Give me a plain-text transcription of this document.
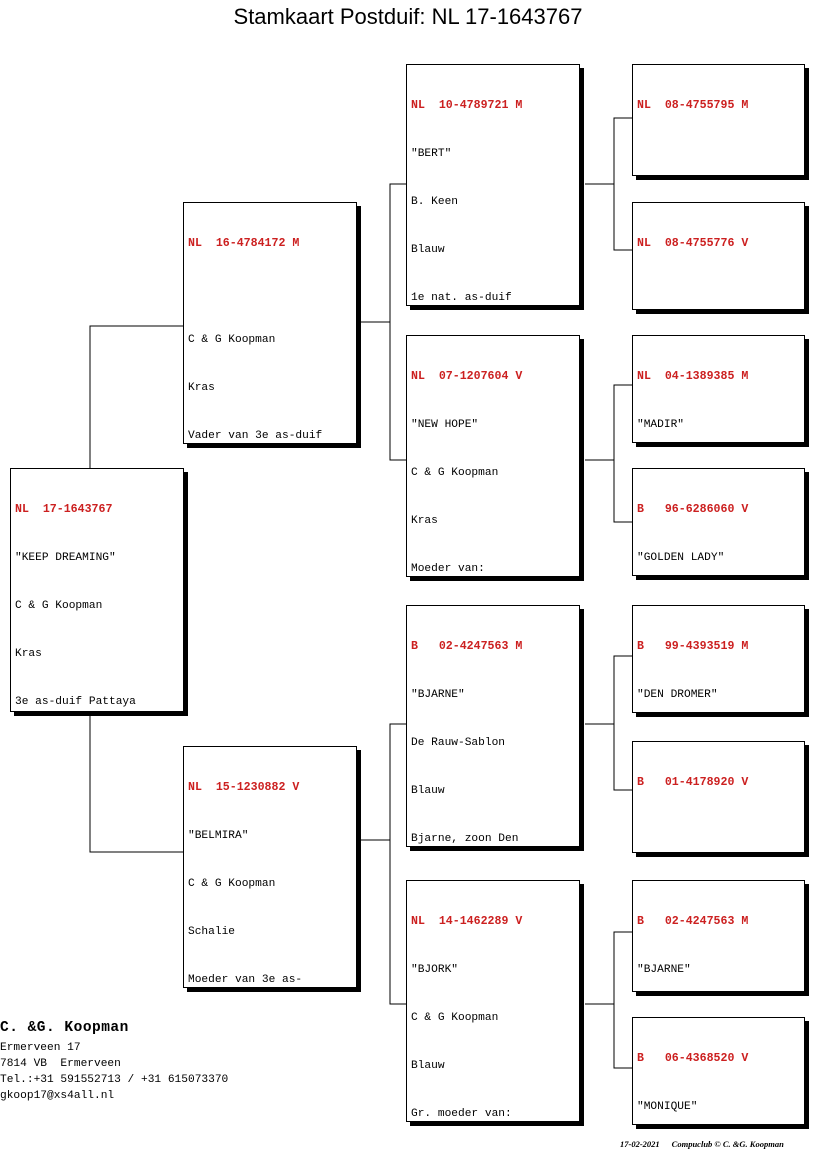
Stamkaart Postduif: NL 17-1643767

NL  17-1643767

"KEEP DREAMING"

C & G Koopman

Kras

3e as-duif Pattaya

NL  16-4784172 M

C & G Koopman

Kras

Vader van 3e as-duif

NL  15-1230882 V

"BELMIRA"

C & G Koopman

Schalie

Moeder van 3e as-

NL  10-4789721 M

"BERT"

B. Keen

Blauw

1e nat. as-duif

NL  07-1207604 V

"NEW HOPE"

C & G Koopman

Kras

Moeder van:

B   02-4247563 M

"BJARNE"

De Rauw-Sablon

Blauw

Bjarne, zoon Den

NL  14-1462289 V

"BJORK"

C & G Koopman

Blauw

Gr. moeder van:

NL  08-4755795 M

NL  08-4755776 V

NL  04-1389385 M

"MADIR"

B   96-6286060 V

"GOLDEN LADY"

B   99-4393519 M

"DEN DROMER"

B   01-4178920 V

B   02-4247563 M

"BJARNE"

B   06-4368520 V

"MONIQUE"

C. &G. Koopman
Ermerveen 17
7814 VB  Ermerveen
Tel.:+31 591552713 / +31 615073370
gkoop17@xs4all.nl
17-02-2021 Compuclub © C. &G. Koopman
